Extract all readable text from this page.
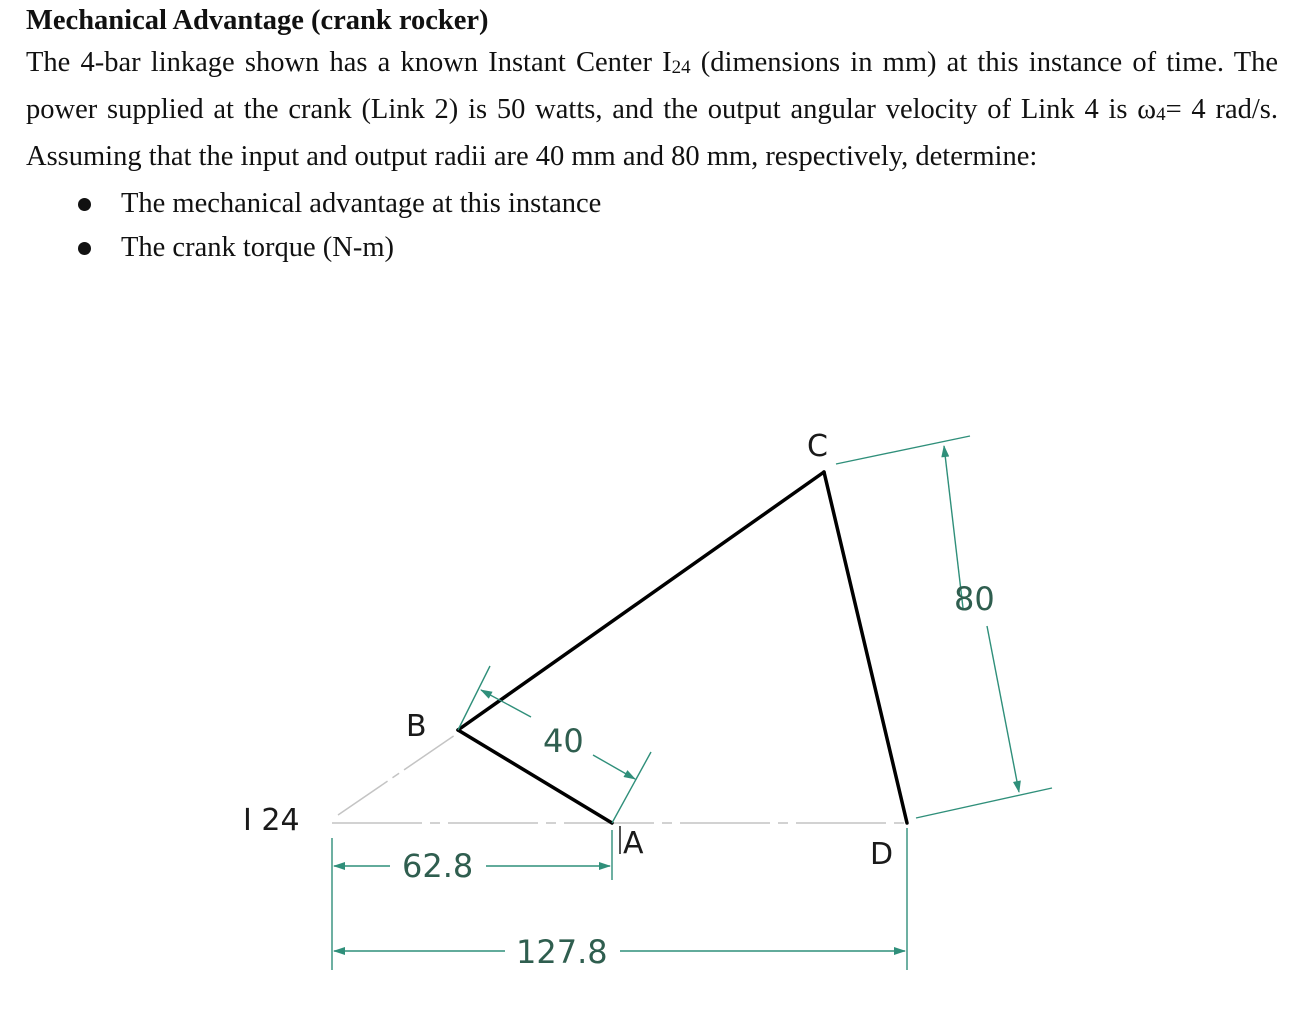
Mechanical Advantage (crank rocker)
The 4-bar linkage shown has a known Instant Center $I_{24}$ (dimensions in mm) at this instance of time. The power supplied at the crank (Link 2) is 50 watts, and the output angular velocity of Link 4 is $\omega_4= 4$ rad/s. Assuming that the input and output radii are 40 mm and 80 mm, respectively, determine:
The mechanical advantage at this instance
The crank torque (N-m)
40
80
62.8
127.8
I 24
B
C
D
A
